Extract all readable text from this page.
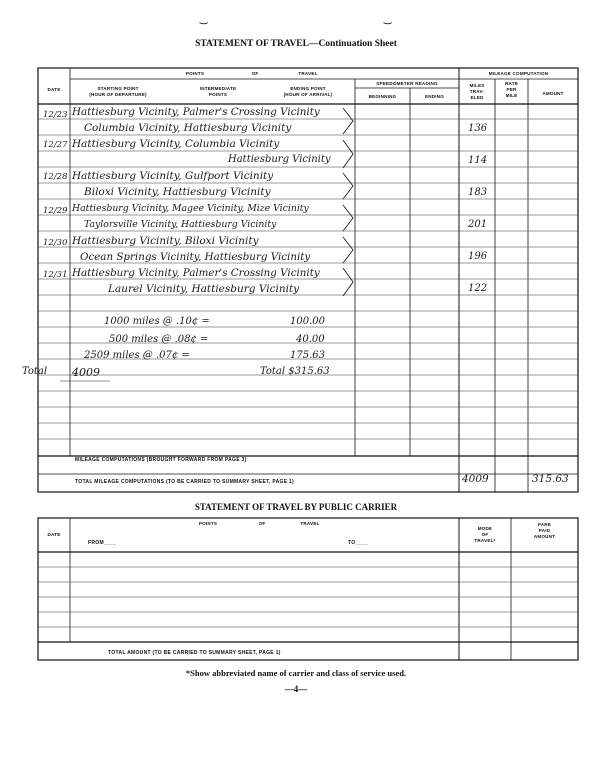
‿	‿
STATEMENT OF TRAVEL—Continuation Sheet
DATE
POINTS	OF	TRAVEL
STARTING POINT
(HOUR OF DEPARTURE)
INTERMEDIATE
POINTS
ENDING POINT
(HOUR OF ARRIVAL)
SPEEDOMETER READING
BEGINNING	ENDING
MILEAGE COMPUTATION
MILES
TRAV-
ELED
RATE
PER
MILE	AMOUNT
12/23 Hattiesburg Vicinity, Palmer's Crossing Vicinity
Columbia Vicinity, Hattiesburg Vicinity	136
12/27 Hattiesburg Vicinity, Columbia Vicinity
Hattiesburg Vicinity	114
12/28 Hattiesburg Vicinity, Gulfport Vicinity
Biloxi Vicinity, Hattiesburg Vicinity	183
12/29 Hattiesburg Vicinity, Magee Vicinity, Mize Vicinity
Taylorsville Vicinity, Hattiesburg Vicinity	201
12/30 Hattiesburg Vicinity, Biloxi Vicinity
Ocean Springs Vicinity, Hattiesburg Vicinity	196
12/31 Hattiesburg Vicinity, Palmer's Crossing Vicinity
Laurel Vicinity, Hattiesburg Vicinity	122
1000 miles @ .10¢ =	100.00
500 miles @ .08¢ =	40.00
2509 miles @ .07¢ =	175.63
Total 4009	Total $315.63
MILEAGE COMPUTATIONS (BROUGHT FORWARD FROM PAGE 3)
TOTAL MILEAGE COMPUTATIONS (TO BE CARRIED TO SUMMARY SHEET, PAGE 1)	4009	315.63
STATEMENT OF TRAVEL BY PUBLIC CARRIER
DATE
POINTS	OF	TRAVEL
FROM____	TO____
MODE
OF
TRAVEL*
FARE
PAID
AMOUNT
TOTAL AMOUNT (TO BE CARRIED TO SUMMARY SHEET, PAGE 1)
*Show abbreviated name of carrier and class of service used.
—4—
